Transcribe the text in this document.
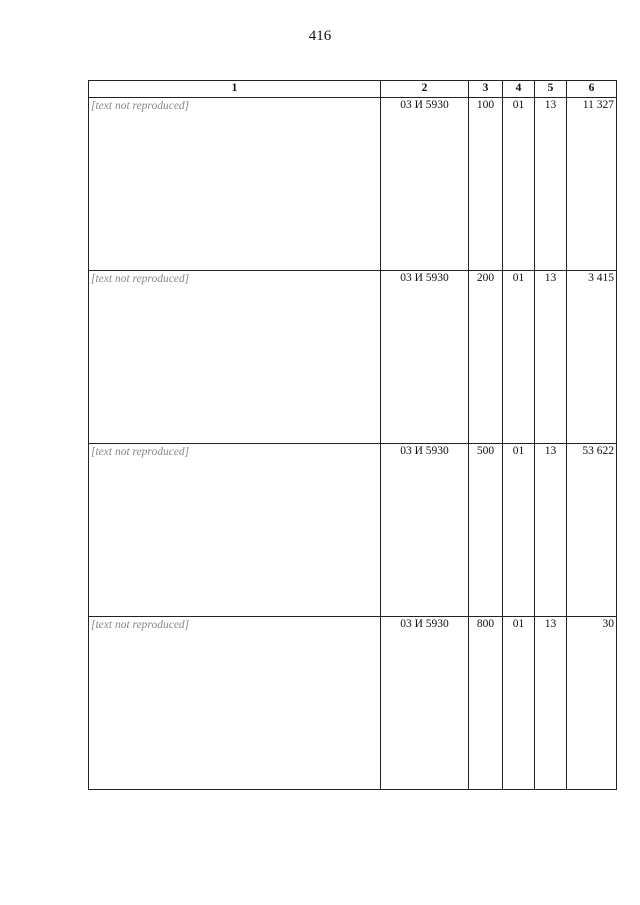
416
1	2	3	4	5	6
[text not reproduced]	03 И 5930	100	01	13	11 327
[text not reproduced]	03 И 5930	200	01	13	3 415
[text not reproduced]	03 И 5930	500	01	13	53 622
[text not reproduced]	03 И 5930	800	01	13	30
